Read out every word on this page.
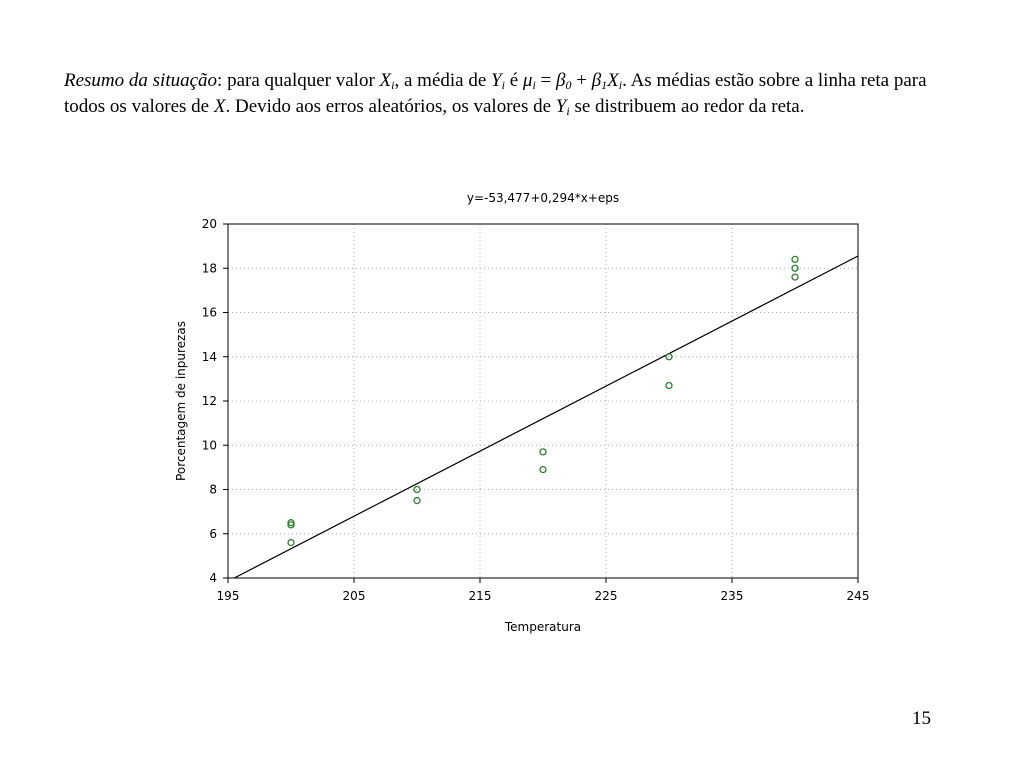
Resumo da situação: para qualquer valor $X_i$, a média de $Y_i$ é $\mu_i = \beta_0 + \beta_1X_i$. As médias estão sobre a linha reta para todos os valores de X. Devido aos erros aleatórios, os valores de $Y_i$ se distribuem ao redor da reta.
195	205	215	225	235	245
4
6
8
10
12
14
16
18
20
y=-53,477+0,294*x+eps
Temperatura
Porcentagem de inpurezas
15
